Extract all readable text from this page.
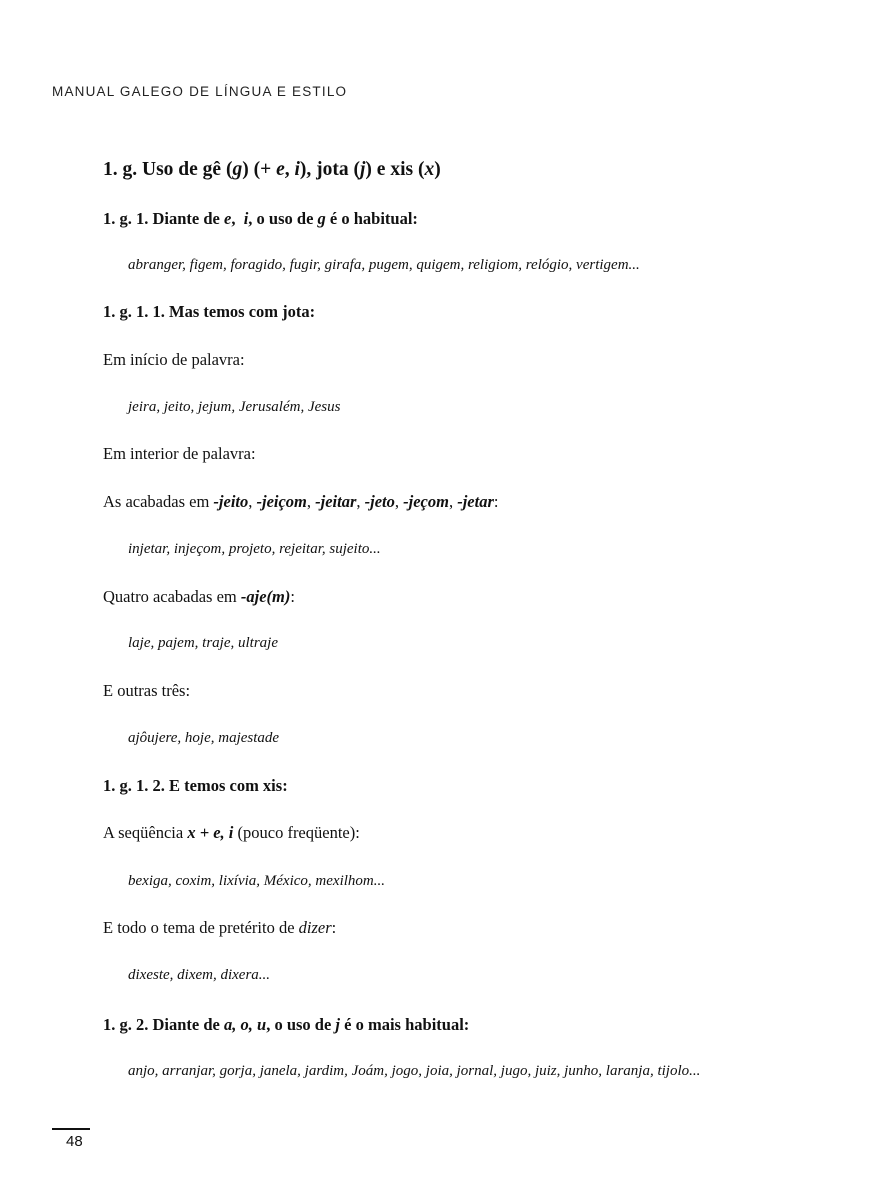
MANUAL GALEGO DE LÍNGUA E ESTILO
1. g. Uso de gê (g) (+ e, i), jota (j) e xis (x)
1. g. 1. Diante de e,  i, o uso de g é o habitual:
abranger, figem, foragido, fugir, girafa, pugem, quigem, religiom, relógio, vertigem...
1. g. 1. 1. Mas temos com jota:
Em início de palavra:
jeira, jeito, jejum, Jerusalém, Jesus
Em interior de palavra:
As acabadas em -jeito, -jeiçom, -jeitar, -jeto, -jeçom, -jetar:
injetar, injeçom, projeto, rejeitar, sujeito...
Quatro acabadas em -aje(m):
laje, pajem, traje, ultraje
E outras três:
ajôujere, hoje, majestade
1. g. 1. 2. E temos com xis:
A seqüência x + e, i (pouco freqüente):
bexiga, coxim, lixívia, México, mexilhom...
E todo o tema de pretérito de dizer:
dixeste, dixem, dixera...
1. g. 2. Diante de a, o, u, o uso de j é o mais habitual:
anjo, arranjar, gorja, janela, jardim, Joám, jogo, joia, jornal, jugo, juiz, junho, laranja, tijolo...
48
